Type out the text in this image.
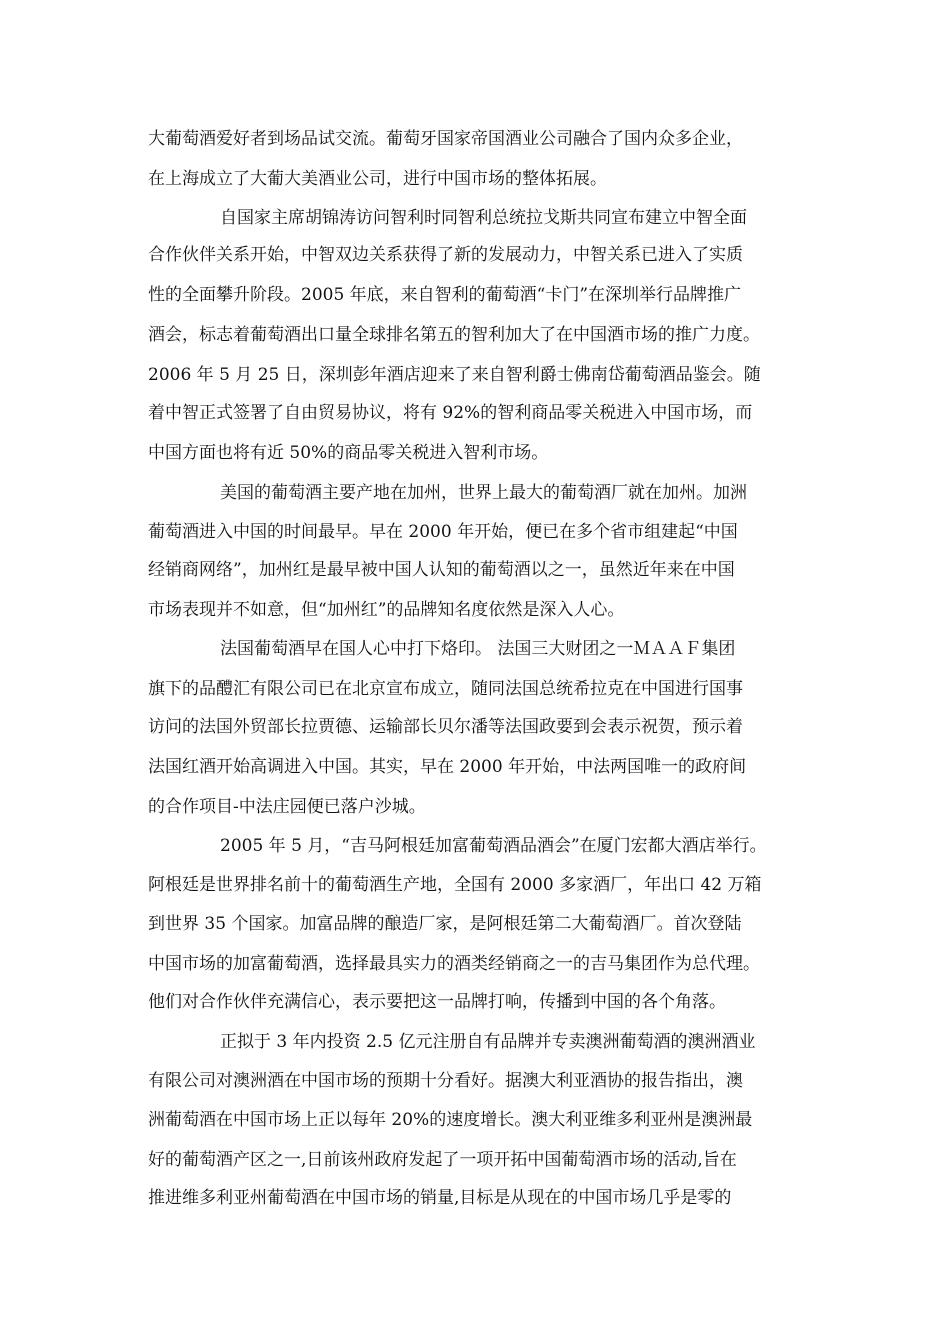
大葡萄酒爱好者到场品试交流。葡萄牙国家帝国酒业公司融合了国内众多企业，
在上海成立了大葡大美酒业公司，进行中国市场的整体拓展。
自国家主席胡锦涛访问智利时同智利总统拉戈斯共同宣布建立中智全面
合作伙伴关系开始，中智双边关系获得了新的发展动力，中智关系已进入了实质
性的全面攀升阶段。2005 年底，来自智利的葡萄酒“卡门”在深圳举行品牌推广
酒会，标志着葡萄酒出口量全球排名第五的智利加大了在中国酒市场的推广力度。
2006 年 5 月 25 日，深圳彭年酒店迎来了来自智利爵士佛南岱葡萄酒品鉴会。随
着中智正式签署了自由贸易协议，将有 92%的智利商品零关税进入中国市场，而
中国方面也将有近 50%的商品零关税进入智利市场。
美国的葡萄酒主要产地在加州，世界上最大的葡萄酒厂就在加州。加洲
葡萄酒进入中国的时间最早。早在 2000 年开始，便已在多个省市组建起“中国
经销商网络”，加州红是最早被中国人认知的葡萄酒以之一，虽然近年来在中国
市场表现并不如意，但“加州红”的品牌知名度依然是深入人心。
法国葡萄酒早在国人心中打下烙印。 法国三大财团之一ＭＡＡＦ集团
旗下的品醴汇有限公司已在北京宣布成立，随同法国总统希拉克在中国进行国事
访问的法国外贸部长拉贾德、运输部长贝尔潘等法国政要到会表示祝贺，预示着
法国红酒开始高调进入中国。其实，早在 2000 年开始，中法两国唯一的政府间
的合作项目-中法庄园便已落户沙城。
2005 年 5 月，“吉马阿根廷加富葡萄酒品酒会”在厦门宏都大酒店举行。
阿根廷是世界排名前十的葡萄酒生产地，全国有 2000 多家酒厂，年出口 42 万箱
到世界 35 个国家。加富品牌的酿造厂家，是阿根廷第二大葡萄酒厂。首次登陆
中国市场的加富葡萄酒，选择最具实力的酒类经销商之一的吉马集团作为总代理。
他们对合作伙伴充满信心，表示要把这一品牌打响，传播到中国的各个角落。
正拟于 3 年内投资 2.5 亿元注册自有品牌并专卖澳洲葡萄酒的澳洲酒业
有限公司对澳洲酒在中国市场的预期十分看好。据澳大利亚酒协的报告指出，澳
洲葡萄酒在中国市场上正以每年 20%的速度增长。澳大利亚维多利亚州是澳洲最
好的葡萄酒产区之一,日前该州政府发起了一项开拓中国葡萄酒市场的活动,旨在
推进维多利亚州葡萄酒在中国市场的销量,目标是从现在的中国市场几乎是零的
